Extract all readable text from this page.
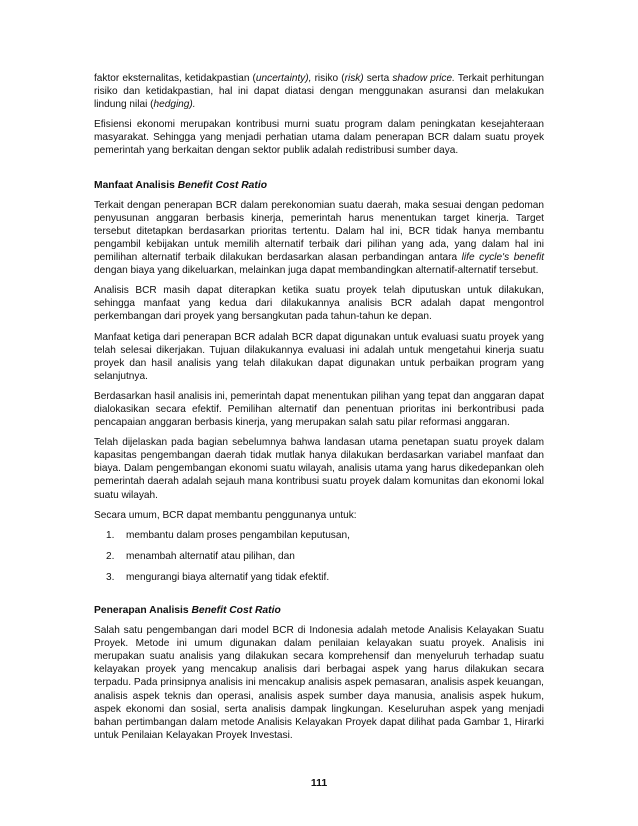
faktor eksternalitas, ketidakpastian (uncertainty), risiko (risk) serta shadow price. Terkait perhitungan risiko dan ketidakpastian, hal ini dapat diatasi dengan menggunakan asuransi dan melakukan lindung nilai (hedging).

Efisiensi ekonomi merupakan kontribusi murni suatu program dalam peningkatan kesejahteraan masyarakat. Sehingga yang menjadi perhatian utama dalam penerapan BCR dalam suatu proyek pemerintah yang berkaitan dengan sektor publik adalah redistribusi sumber daya.

Manfaat Analisis Benefit Cost Ratio

Terkait dengan penerapan BCR dalam perekonomian suatu daerah, maka sesuai dengan pedoman penyusunan anggaran berbasis kinerja, pemerintah harus menentukan target kinerja. Target tersebut ditetapkan berdasarkan prioritas tertentu. Dalam hal ini, BCR tidak hanya membantu pengambil kebijakan untuk memilih alternatif terbaik dari pilihan yang ada, yang dalam hal ini pemilihan alternatif terbaik dilakukan berdasarkan alasan perbandingan antara life cycle's benefit dengan biaya yang dikeluarkan, melainkan juga dapat membandingkan alternatif-alternatif tersebut.

Analisis BCR masih dapat diterapkan ketika suatu proyek telah diputuskan untuk dilakukan, sehingga manfaat yang kedua dari dilakukannya analisis BCR adalah dapat mengontrol perkembangan dari proyek yang bersangkutan pada tahun-tahun ke depan.

Manfaat ketiga dari penerapan BCR adalah BCR dapat digunakan untuk evaluasi suatu proyek yang telah selesai dikerjakan. Tujuan dilakukannya evaluasi ini adalah untuk mengetahui kinerja suatu proyek dan hasil analisis yang telah dilakukan dapat digunakan untuk perbaikan program yang selanjutnya.

Berdasarkan hasil analisis ini, pemerintah dapat menentukan pilihan yang tepat dan anggaran dapat dialokasikan secara efektif. Pemilihan alternatif dan penentuan prioritas ini berkontribusi pada pencapaian anggaran berbasis kinerja, yang merupakan salah satu pilar reformasi anggaran.

Telah dijelaskan pada bagian sebelumnya bahwa landasan utama penetapan suatu proyek dalam kapasitas pengembangan daerah tidak mutlak hanya dilakukan berdasarkan variabel manfaat dan biaya. Dalam pengembangan ekonomi suatu wilayah, analisis utama yang harus dikedepankan oleh pemerintah daerah adalah sejauh mana kontribusi suatu proyek dalam komunitas dan ekonomi lokal suatu wilayah.

Secara umum, BCR dapat membantu penggunanya untuk:

1. membantu dalam proses pengambilan keputusan,
2. menambah alternatif atau pilihan, dan
3. mengurangi biaya alternatif yang tidak efektif.
Penerapan Analisis Benefit Cost Ratio

Salah satu pengembangan dari model BCR di Indonesia adalah metode Analisis Kelayakan Suatu Proyek. Metode ini umum digunakan dalam penilaian kelayakan suatu proyek. Analisis ini merupakan suatu analisis yang dilakukan secara komprehensif dan menyeluruh terhadap suatu kelayakan proyek yang mencakup analisis dari berbagai aspek yang harus dilakukan secara terpadu. Pada prinsipnya analisis ini mencakup analisis aspek pemasaran, analisis aspek keuangan, analisis aspek teknis dan operasi, analisis aspek sumber daya manusia, analisis aspek hukum, aspek ekonomi dan sosial, serta analisis dampak lingkungan. Keseluruhan aspek yang menjadi bahan pertimbangan dalam metode Analisis Kelayakan Proyek dapat dilihat pada Gambar 1, Hirarki untuk Penilaian Kelayakan Proyek Investasi.

111
